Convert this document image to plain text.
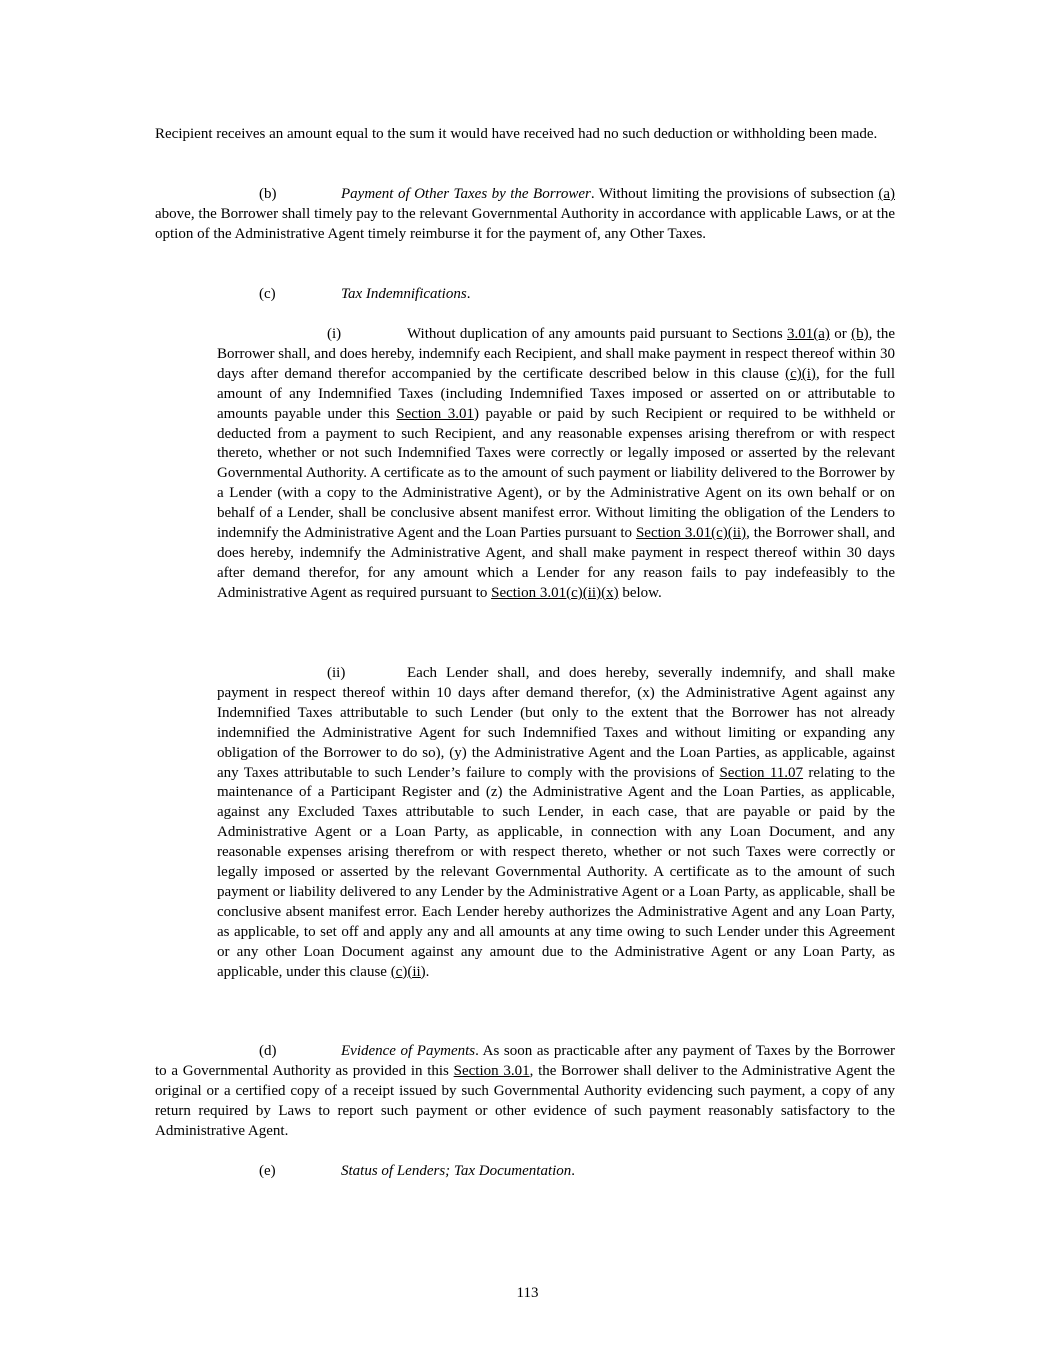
Recipient receives an amount equal to the sum it would have received had no such deduction or withholding been made.

(b)	Payment of Other Taxes by the Borrower. Without limiting the provisions of subsection (a) above, the Borrower shall timely pay to the relevant Governmental Authority in accordance with applicable Laws, or at the option of the Administrative Agent timely reimburse it for the payment of, any Other Taxes.

(c)	Tax Indemnifications.

(i)	Without duplication of any amounts paid pursuant to Sections 3.01(a) or (b), the Borrower shall, and does hereby, indemnify each Recipient, and shall make payment in respect thereof within 30 days after demand therefor accompanied by the certificate described below in this clause (c)(i), for the full amount of any Indemnified Taxes (including Indemnified Taxes imposed or asserted on or attributable to amounts payable under this Section 3.01) payable or paid by such Recipient or required to be withheld or deducted from a payment to such Recipient, and any reasonable expenses arising therefrom or with respect thereto, whether or not such Indemnified Taxes were correctly or legally imposed or asserted by the relevant Governmental Authority. A certificate as to the amount of such payment or liability delivered to the Borrower by a Lender (with a copy to the Administrative Agent), or by the Administrative Agent on its own behalf or on behalf of a Lender, shall be conclusive absent manifest error. Without limiting the obligation of the Lenders to indemnify the Administrative Agent and the Loan Parties pursuant to Section 3.01(c)(ii), the Borrower shall, and does hereby, indemnify the Administrative Agent, and shall make payment in respect thereof within 30 days after demand therefor, for any amount which a Lender for any reason fails to pay indefeasibly to the Administrative Agent as required pursuant to Section 3.01(c)(ii)(x) below.

(ii)	Each Lender shall, and does hereby, severally indemnify, and shall make payment in respect thereof within 10 days after demand therefor, (x) the Administrative Agent against any Indemnified Taxes attributable to such Lender (but only to the extent that the Borrower has not already indemnified the Administrative Agent for such Indemnified Taxes and without limiting or expanding any obligation of the Borrower to do so), (y) the Administrative Agent and the Loan Parties, as applicable, against any Taxes attributable to such Lender’s failure to comply with the provisions of Section 11.07 relating to the maintenance of a Participant Register and (z) the Administrative Agent and the Loan Parties, as applicable, against any Excluded Taxes attributable to such Lender, in each case, that are payable or paid by the Administrative Agent or a Loan Party, as applicable, in connection with any Loan Document, and any reasonable expenses arising therefrom or with respect thereto, whether or not such Taxes were correctly or legally imposed or asserted by the relevant Governmental Authority. A certificate as to the amount of such payment or liability delivered to any Lender by the Administrative Agent or a Loan Party, as applicable, shall be conclusive absent manifest error. Each Lender hereby authorizes the Administrative Agent and any Loan Party, as applicable, to set off and apply any and all amounts at any time owing to such Lender under this Agreement or any other Loan Document against any amount due to the Administrative Agent or any Loan Party, as applicable, under this clause (c)(ii).

(d)	Evidence of Payments. As soon as practicable after any payment of Taxes by the Borrower to a Governmental Authority as provided in this Section 3.01, the Borrower shall deliver to the Administrative Agent the original or a certified copy of a receipt issued by such Governmental Authority evidencing such payment, a copy of any return required by Laws to report such payment or other evidence of such payment reasonably satisfactory to the Administrative Agent.

(e)	Status of Lenders; Tax Documentation.

113
